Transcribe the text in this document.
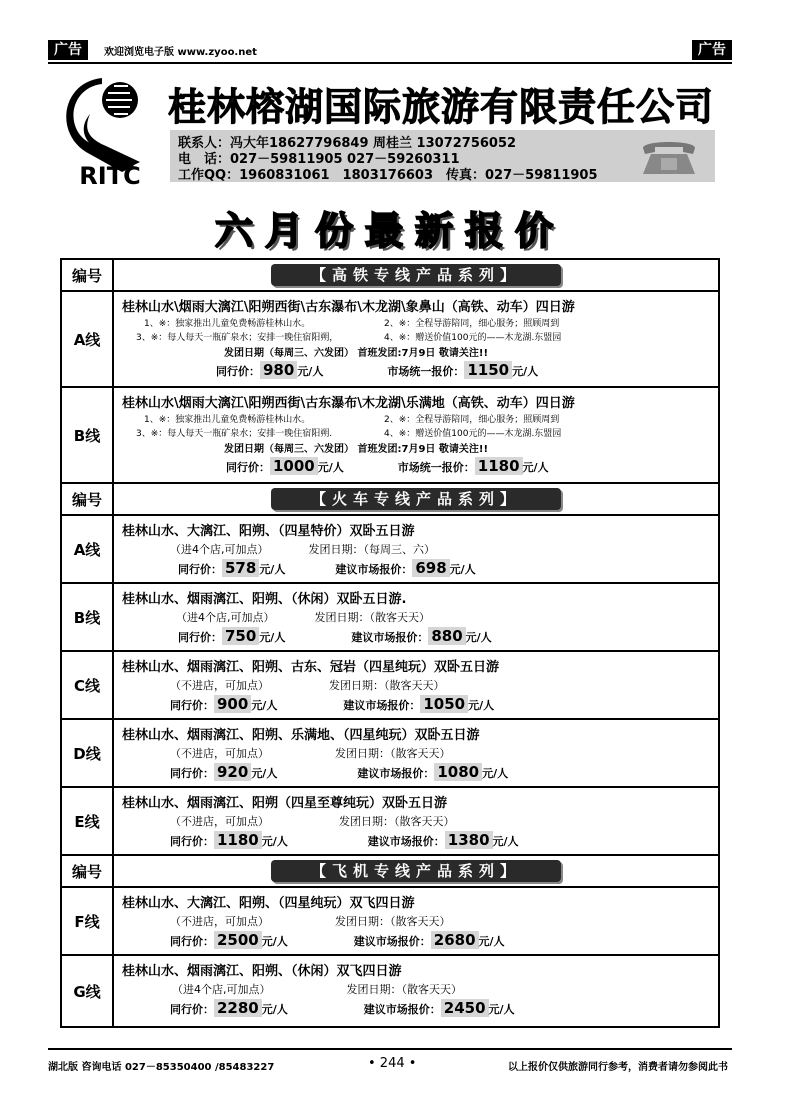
广告	欢迎浏览电子版 www.zyoo.net	广告
RITC
桂林榕湖国际旅游有限责任公司
联系人：冯大年18627796849 周桂兰 13072756052
电　话：027－59811905 027－59260311
工作QQ：1960831061　1803176603　传真：027－59811905
六月份最新报价
编号	【高铁专线产品系列】

A线	桂林山水\烟雨大漓江\阳朔西街\古东瀑布\木龙湖\象鼻山（高铁、动车）四日游
1、※：独家推出儿童免费畅游桂林山水。 2、※：全程导游陪同，细心服务；照顾周到
3、※：每人每天一瓶矿泉水；安排一晚住宿阳朔， 4、※：赠送价值100元的——木龙湖.东盟园
发团日期（每周三、六发团） 首班发团:7月9日 敬请关注!!
同行价： 980 元/人 市场统一报价： 1150 元/人

B线	桂林山水\烟雨大漓江\阳朔西街\古东瀑布\木龙湖\乐满地（高铁、动车）四日游
1、※：独家推出儿童免费畅游桂林山水。 2、※：全程导游陪同，细心服务；照顾周到
3、※：每人每天一瓶矿泉水；安排一晚住宿阳朔. 4、※：赠送价值100元的——木龙湖.东盟园
发团日期（每周三、六发团） 首班发团:7月9日 敬请关注!!
同行价： 1000 元/人 市场统一报价： 1180 元/人

编号	【火车专线产品系列】

A线	桂林山水、大漓江、阳朔、（四星特价）双卧五日游
（进4个店,可加点） 发团日期：（每周三、六）
同行价： 578 元/人 建议市场报价： 698 元/人

B线	桂林山水、烟雨漓江、阳朔、（休闲）双卧五日游.
（进4个店,可加点） 发团日期：（散客天天）
同行价： 750 元/人 建议市场报价： 880 元/人

C线	桂林山水、烟雨漓江、阳朔、古东、冠岩（四星纯玩）双卧五日游
（不进店，可加点） 发团日期：（散客天天）
同行价： 900 元/人 建议市场报价： 1050 元/人

D线	桂林山水、烟雨漓江、阳朔、乐满地、（四星纯玩）双卧五日游
（不进店，可加点） 发团日期：（散客天天）
同行价： 920 元/人 建议市场报价： 1080 元/人

E线	桂林山水、烟雨漓江、阳朔（四星至尊纯玩）双卧五日游
（不进店，可加点） 发团日期：（散客天天）
同行价： 1180 元/人 建议市场报价： 1380 元/人

编号	【飞机专线产品系列】

F线	桂林山水、大漓江、阳朔、（四星纯玩）双飞四日游
（不进店，可加点） 发团日期：（散客天天）
同行价： 2500 元/人 建议市场报价： 2680 元/人

G线	桂林山水、烟雨漓江、阳朔、（休闲）双飞四日游
（进4个店,可加点） 发团日期：（散客天天）
同行价： 2280 元/人 建议市场报价： 2450 元/人
湖北版 咨询电话 027－85350400 /85483227	• 244 •	以上报价仅供旅游同行参考，消费者请勿参阅此书
